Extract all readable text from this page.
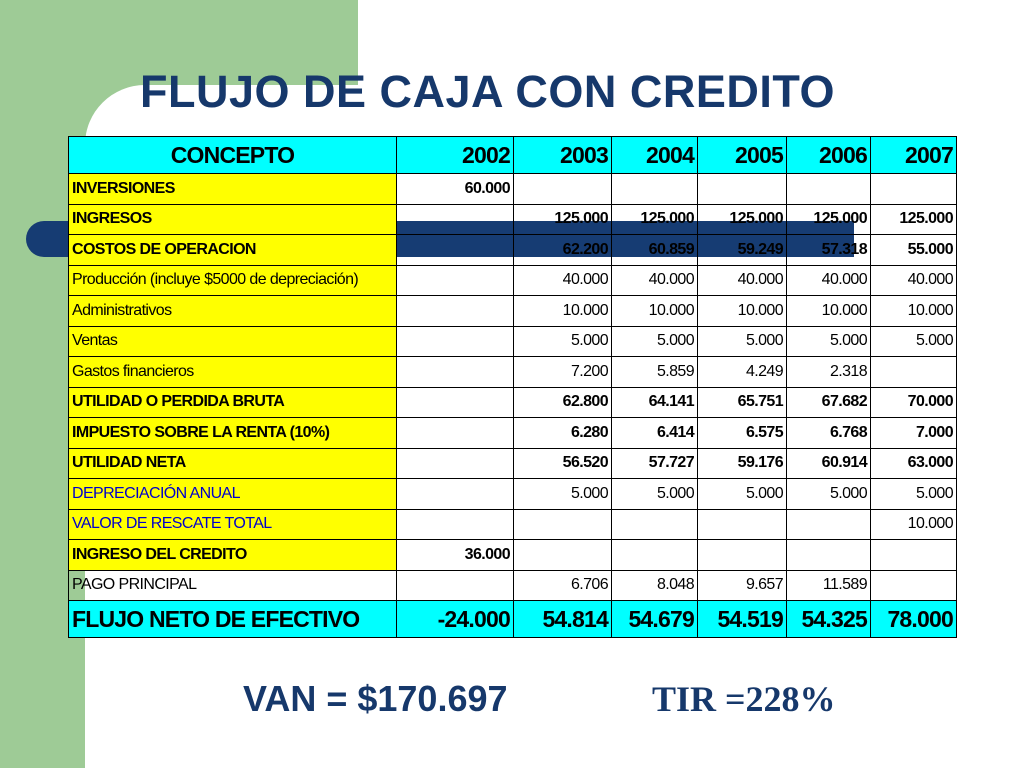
FLUJO DE CAJA CON CREDITO
CONCEPTO	2002	2003	2004	2005	2006	2007
INVERSIONES	60.000					
INGRESOS		125.000	125.000	125.000	125.000	125.000
COSTOS DE OPERACION		62.200	60.859	59.249	57.318	55.000
Producción (incluye $5000 de depreciación)		40.000	40.000	40.000	40.000	40.000
Administrativos		10.000	10.000	10.000	10.000	10.000
Ventas		5.000	5.000	5.000	5.000	5.000
Gastos financieros		7.200	5.859	4.249	2.318	
UTILIDAD O PERDIDA BRUTA		62.800	64.141	65.751	67.682	70.000
IMPUESTO SOBRE LA RENTA (10%)		6.280	6.414	6.575	6.768	7.000
UTILIDAD NETA		56.520	57.727	59.176	60.914	63.000
DEPRECIACIÓN ANUAL		5.000	5.000	5.000	5.000	5.000
VALOR DE RESCATE TOTAL						10.000
INGRESO DEL CREDITO	36.000					
PAGO PRINCIPAL		6.706	8.048	9.657	11.589	
FLUJO NETO DE EFECTIVO	-24.000	54.814	54.679	54.519	54.325	78.000
VAN = $170.697	TIR =228%
